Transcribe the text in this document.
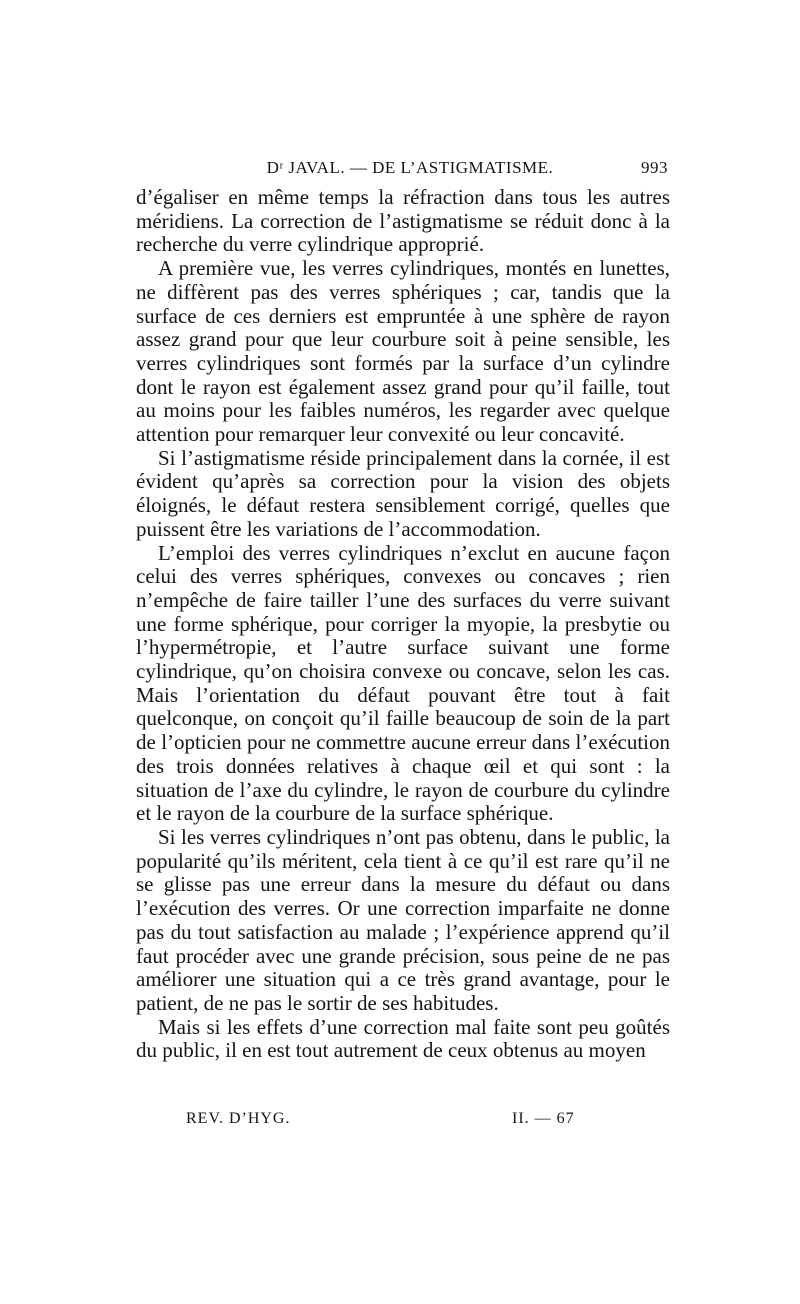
Dʳ JAVAL. — DE L’ASTIGMATISME.	993

d’égaliser en même temps la réfraction dans tous les autres méridiens. La correction de l’astigmatisme se réduit donc à la recherche du verre cylindrique approprié.

A première vue, les verres cylindriques, montés en lunettes, ne diffèrent pas des verres sphériques ; car, tandis que la surface de ces derniers est empruntée à une sphère de rayon assez grand pour que leur courbure soit à peine sensible, les verres cylindriques sont formés par la surface d’un cylindre dont le rayon est également assez grand pour qu’il faille, tout au moins pour les faibles numéros, les regarder avec quelque attention pour remarquer leur convexité ou leur concavité.

Si l’astigmatisme réside principalement dans la cornée, il est évident qu’après sa correction pour la vision des objets éloignés, le défaut restera sensiblement corrigé, quelles que puissent être les variations de l’accommodation.

L’emploi des verres cylindriques n’exclut en aucune façon celui des verres sphériques, convexes ou concaves ; rien n’empêche de faire tailler l’une des surfaces du verre suivant une forme sphérique, pour corriger la myopie, la presbytie ou l’hypermétropie, et l’autre surface suivant une forme cylindrique, qu’on choisira convexe ou concave, selon les cas. Mais l’orientation du défaut pouvant être tout à fait quelconque, on conçoit qu’il faille beaucoup de soin de la part de l’opticien pour ne commettre aucune erreur dans l’exécution des trois données relatives à chaque œil et qui sont : la situation de l’axe du cylindre, le rayon de courbure du cylindre et le rayon de la courbure de la surface sphérique.

Si les verres cylindriques n’ont pas obtenu, dans le public, la popularité qu’ils méritent, cela tient à ce qu’il est rare qu’il ne se glisse pas une erreur dans la mesure du défaut ou dans l’exécution des verres. Or une correction imparfaite ne donne pas du tout satisfaction au malade ; l’expérience apprend qu’il faut procéder avec une grande précision, sous peine de ne pas améliorer une situation qui a ce très grand avantage, pour le patient, de ne pas le sortir de ses habitudes.

Mais si les effets d’une correction mal faite sont peu goûtés du public, il en est tout autrement de ceux obtenus au moyen

REV. D’HYG.	II. — 67
